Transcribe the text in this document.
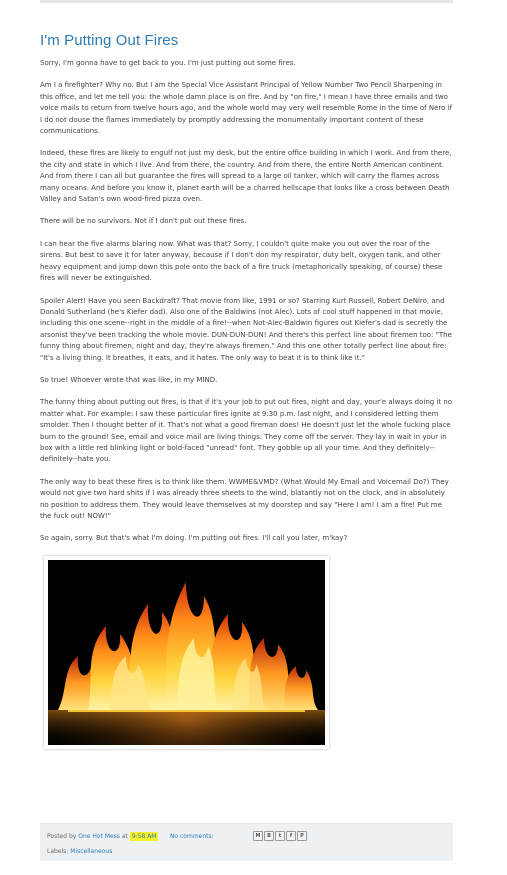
I'm Putting Out Fires

Sorry, I'm gonna have to get back to you. I'm just putting out some fires.

Am I a firefighter? Why no. But I am the Special Vice Assistant Principal of Yellow Number Two Pencil Sharpening in this office, and let me tell you: the whole damn place is on fire. And by "on fire," I mean I have three emails and two voice mails to return from twelve hours ago, and the whole world may very well resemble Rome in the time of Nero if I do not douse the flames immediately by promptly addressing the monumentally important content of these communications.

Indeed, these fires are likely to engulf not just my desk, but the entire office building in which I work. And from there, the city and state in which I live. And from there, the country. And from there, the entire North American continent. And from there I can all but guarantee the fires will spread to a large oil tanker, which will carry the flames across many oceans. And before you know it, planet earth will be a charred hellscape that looks like a cross between Death Valley and Satan's own wood-fired pizza oven.

There will be no survivors. Not if I don't put out these fires.

I can hear the five alarms blaring now. What was that? Sorry, I couldn't quite make you out over the roar of the sirens. But best to save it for later anyway, because if I don't don my respirator, duty belt, oxygen tank, and other heavy equipment and jump down this pole onto the back of a fire truck (metaphorically speaking, of course) these fires will never be extinguished.

Spoiler Alert! Have you seen Backdraft? That movie from like, 1991 or so? Starring Kurt Russell, Robert DeNiro, and Donald Sutherland (he's Kiefer dad). Also one of the Baldwins (not Alec). Lots of cool stuff happened in that movie, including this one scene--right in the middle of a fire!--when Not-Alec-Baldwin figures out Kiefer's dad is secretly the arsonist they've been tracking the whole movie. DUN-DUN-DUN! And there's this perfect line about firemen too: "The funny thing about firemen, night and day, they're always firemen." And this one other totally perfect line about fire: "It's a living thing. It breathes, it eats, and it hates. The only way to beat it is to think like it."

So true! Whoever wrote that was like, in my MIND.

The funny thing about putting out fires, is that if it's your job to put out fires, night and day, your'e always doing it no matter what. For example: I saw these particular fires ignite at 9:30 p.m. last night, and I considered letting them smolder. Then I thought better of it. That's not what a good fireman does! He doesn't just let the whole fucking place burn to the ground! See, email and voice mail are living things: They come off the server. They lay in wait in your in box with a little red blinking light or bold-faced "unread" font. They gobble up all your time. And they definitely--definitely--hate you.

The only way to beat these fires is to think like them. WWME&VMD? (What Would My Email and Voicemail Do?) They would not give two hard shits if I was already three sheets to the wind, blatantly not on the clock, and in absolutely no position to address them. They would leave themselves at my doorstep and say "Here I am! I am a fire! Put me the fuck out! NOW!"

So again, sorry. But that's what I'm doing. I'm putting out fires. I'll call you later, m'kay?

Posted by One Hot Mess at 9:58 AM No comments:	M	B	t	f	P
Labels: Miscellaneous
